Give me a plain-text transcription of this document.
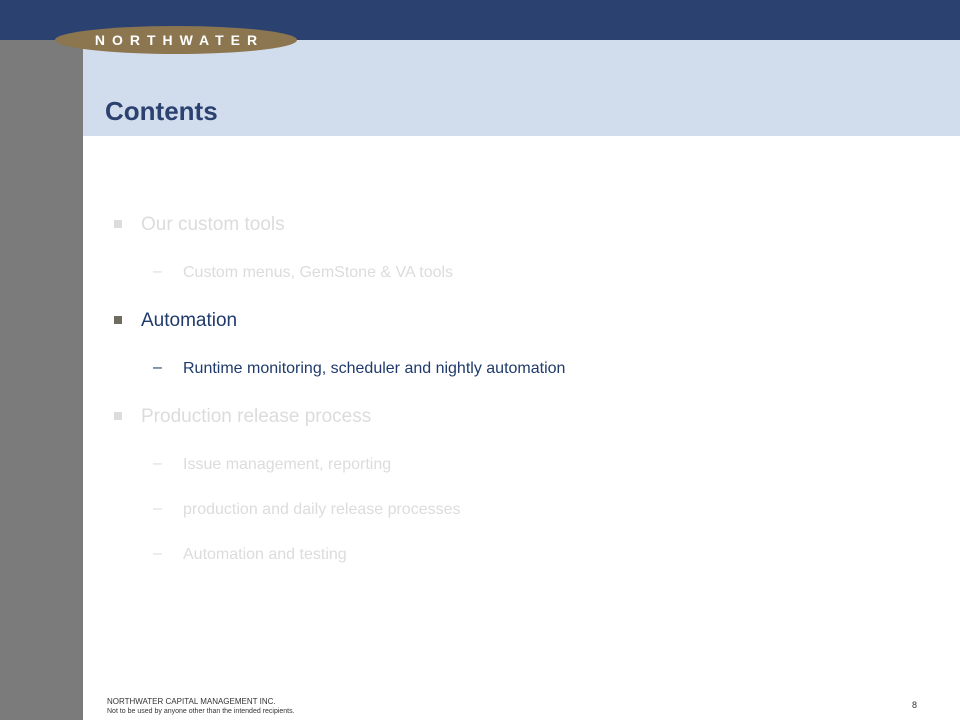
NORTHWATER
Contents
Our custom tools
– Custom menus, GemStone & VA tools
Automation
– Runtime monitoring, scheduler and nightly automation
Production release process
– Issue management, reporting
– production and daily release processes
– Automation and testing
NORTHWATER CAPITAL MANAGEMENT INC.
Not to be used by anyone other than the intended recipients.
8
